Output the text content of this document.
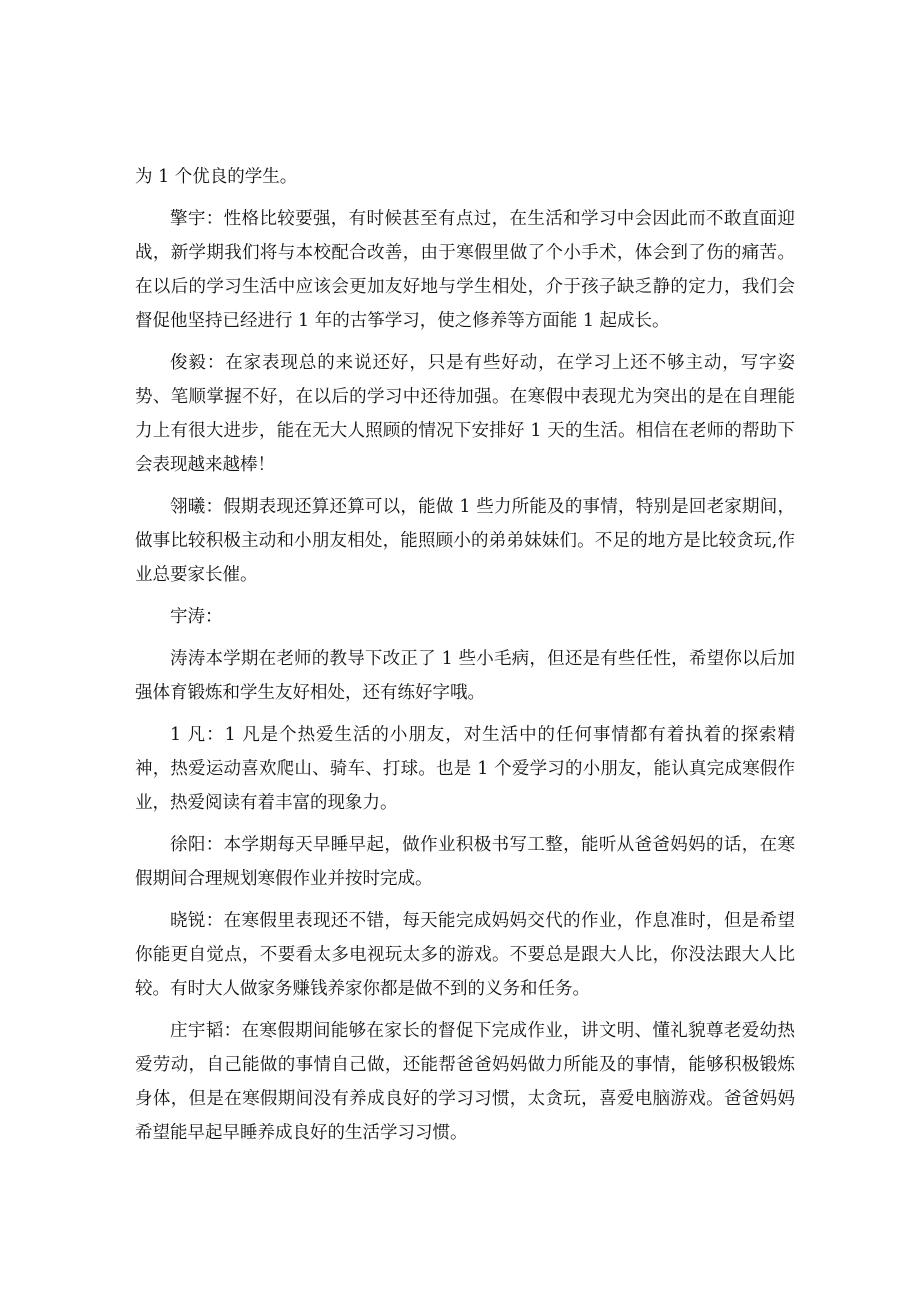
为 1 个优良的学生。

擎宇：性格比较要强，有时候甚至有点过，在生活和学习中会因此而不敢直面迎战，新学期我们将与本校配合改善，由于寒假里做了个小手术，体会到了伤的痛苦。在以后的学习生活中应该会更加友好地与学生相处，介于孩子缺乏静的定力，我们会督促他坚持已经进行 1 年的古筝学习，使之修养等方面能 1 起成长。

俊毅：在家表现总的来说还好，只是有些好动，在学习上还不够主动，写字姿势、笔顺掌握不好，在以后的学习中还待加强。在寒假中表现尤为突出的是在自理能力上有很大进步，能在无大人照顾的情况下安排好 1 天的生活。相信在老师的帮助下会表现越来越棒！

翎曦：假期表现还算还算可以，能做 1 些力所能及的事情，特别是回老家期间，做事比较积极主动和小朋友相处，能照顾小的弟弟妹妹们。不足的地方是比较贪玩,作业总要家长催。

宇涛：

涛涛本学期在老师的教导下改正了 1 些小毛病，但还是有些任性，希望你以后加强体育锻炼和学生友好相处，还有练好字哦。

1 凡：1 凡是个热爱生活的小朋友，对生活中的任何事情都有着执着的探索精神，热爱运动喜欢爬山、骑车、打球。也是 1 个爱学习的小朋友，能认真完成寒假作业，热爱阅读有着丰富的现象力。

徐阳：本学期每天早睡早起，做作业积极书写工整，能听从爸爸妈妈的话，在寒假期间合理规划寒假作业并按时完成。

晓锐：在寒假里表现还不错，每天能完成妈妈交代的作业，作息准时，但是希望你能更自觉点，不要看太多电视玩太多的游戏。不要总是跟大人比，你没法跟大人比较。有时大人做家务赚钱养家你都是做不到的义务和任务。

庄宇韬：在寒假期间能够在家长的督促下完成作业，讲文明、懂礼貌尊老爱幼热爱劳动，自己能做的事情自己做，还能帮爸爸妈妈做力所能及的事情，能够积极锻炼身体，但是在寒假期间没有养成良好的学习习惯，太贪玩，喜爱电脑游戏。爸爸妈妈希望能早起早睡养成良好的生活学习习惯。
